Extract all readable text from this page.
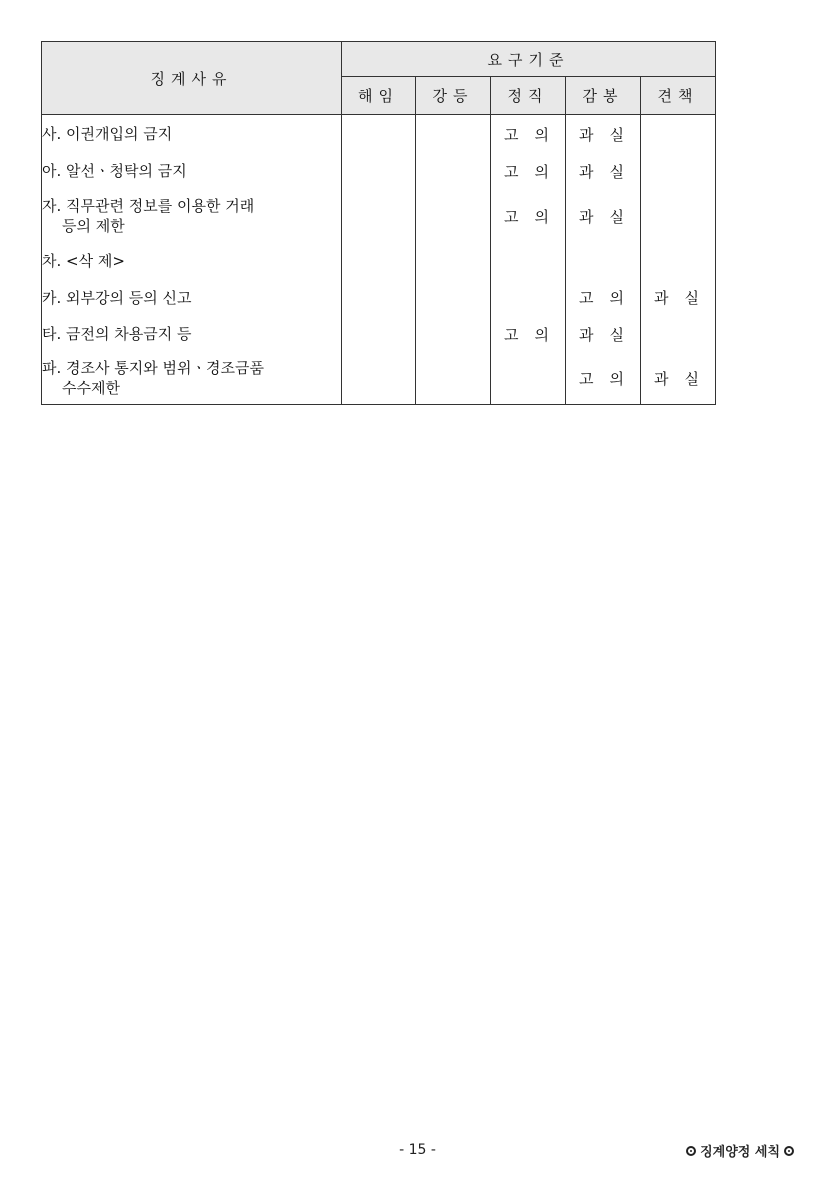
징계사유	요구기준				
	해임	강등	정직	감봉	견책
사. 이권개입의 금지			고 의	과 실	

아. 알선ㆍ청탁의 금지			고 의	과 실	

자. 직무관련 정보를 이용한 거래
등의 제한			고 의	과 실	

차. <삭 제>					
카. 외부강의 등의 신고				고 의	과 실

타. 금전의 차용금지 등			고 의	과 실	

파. 경조사 통지와 범위ㆍ경조금품
수수제한				고 의	과 실
- 15 -	징계양정 세칙
